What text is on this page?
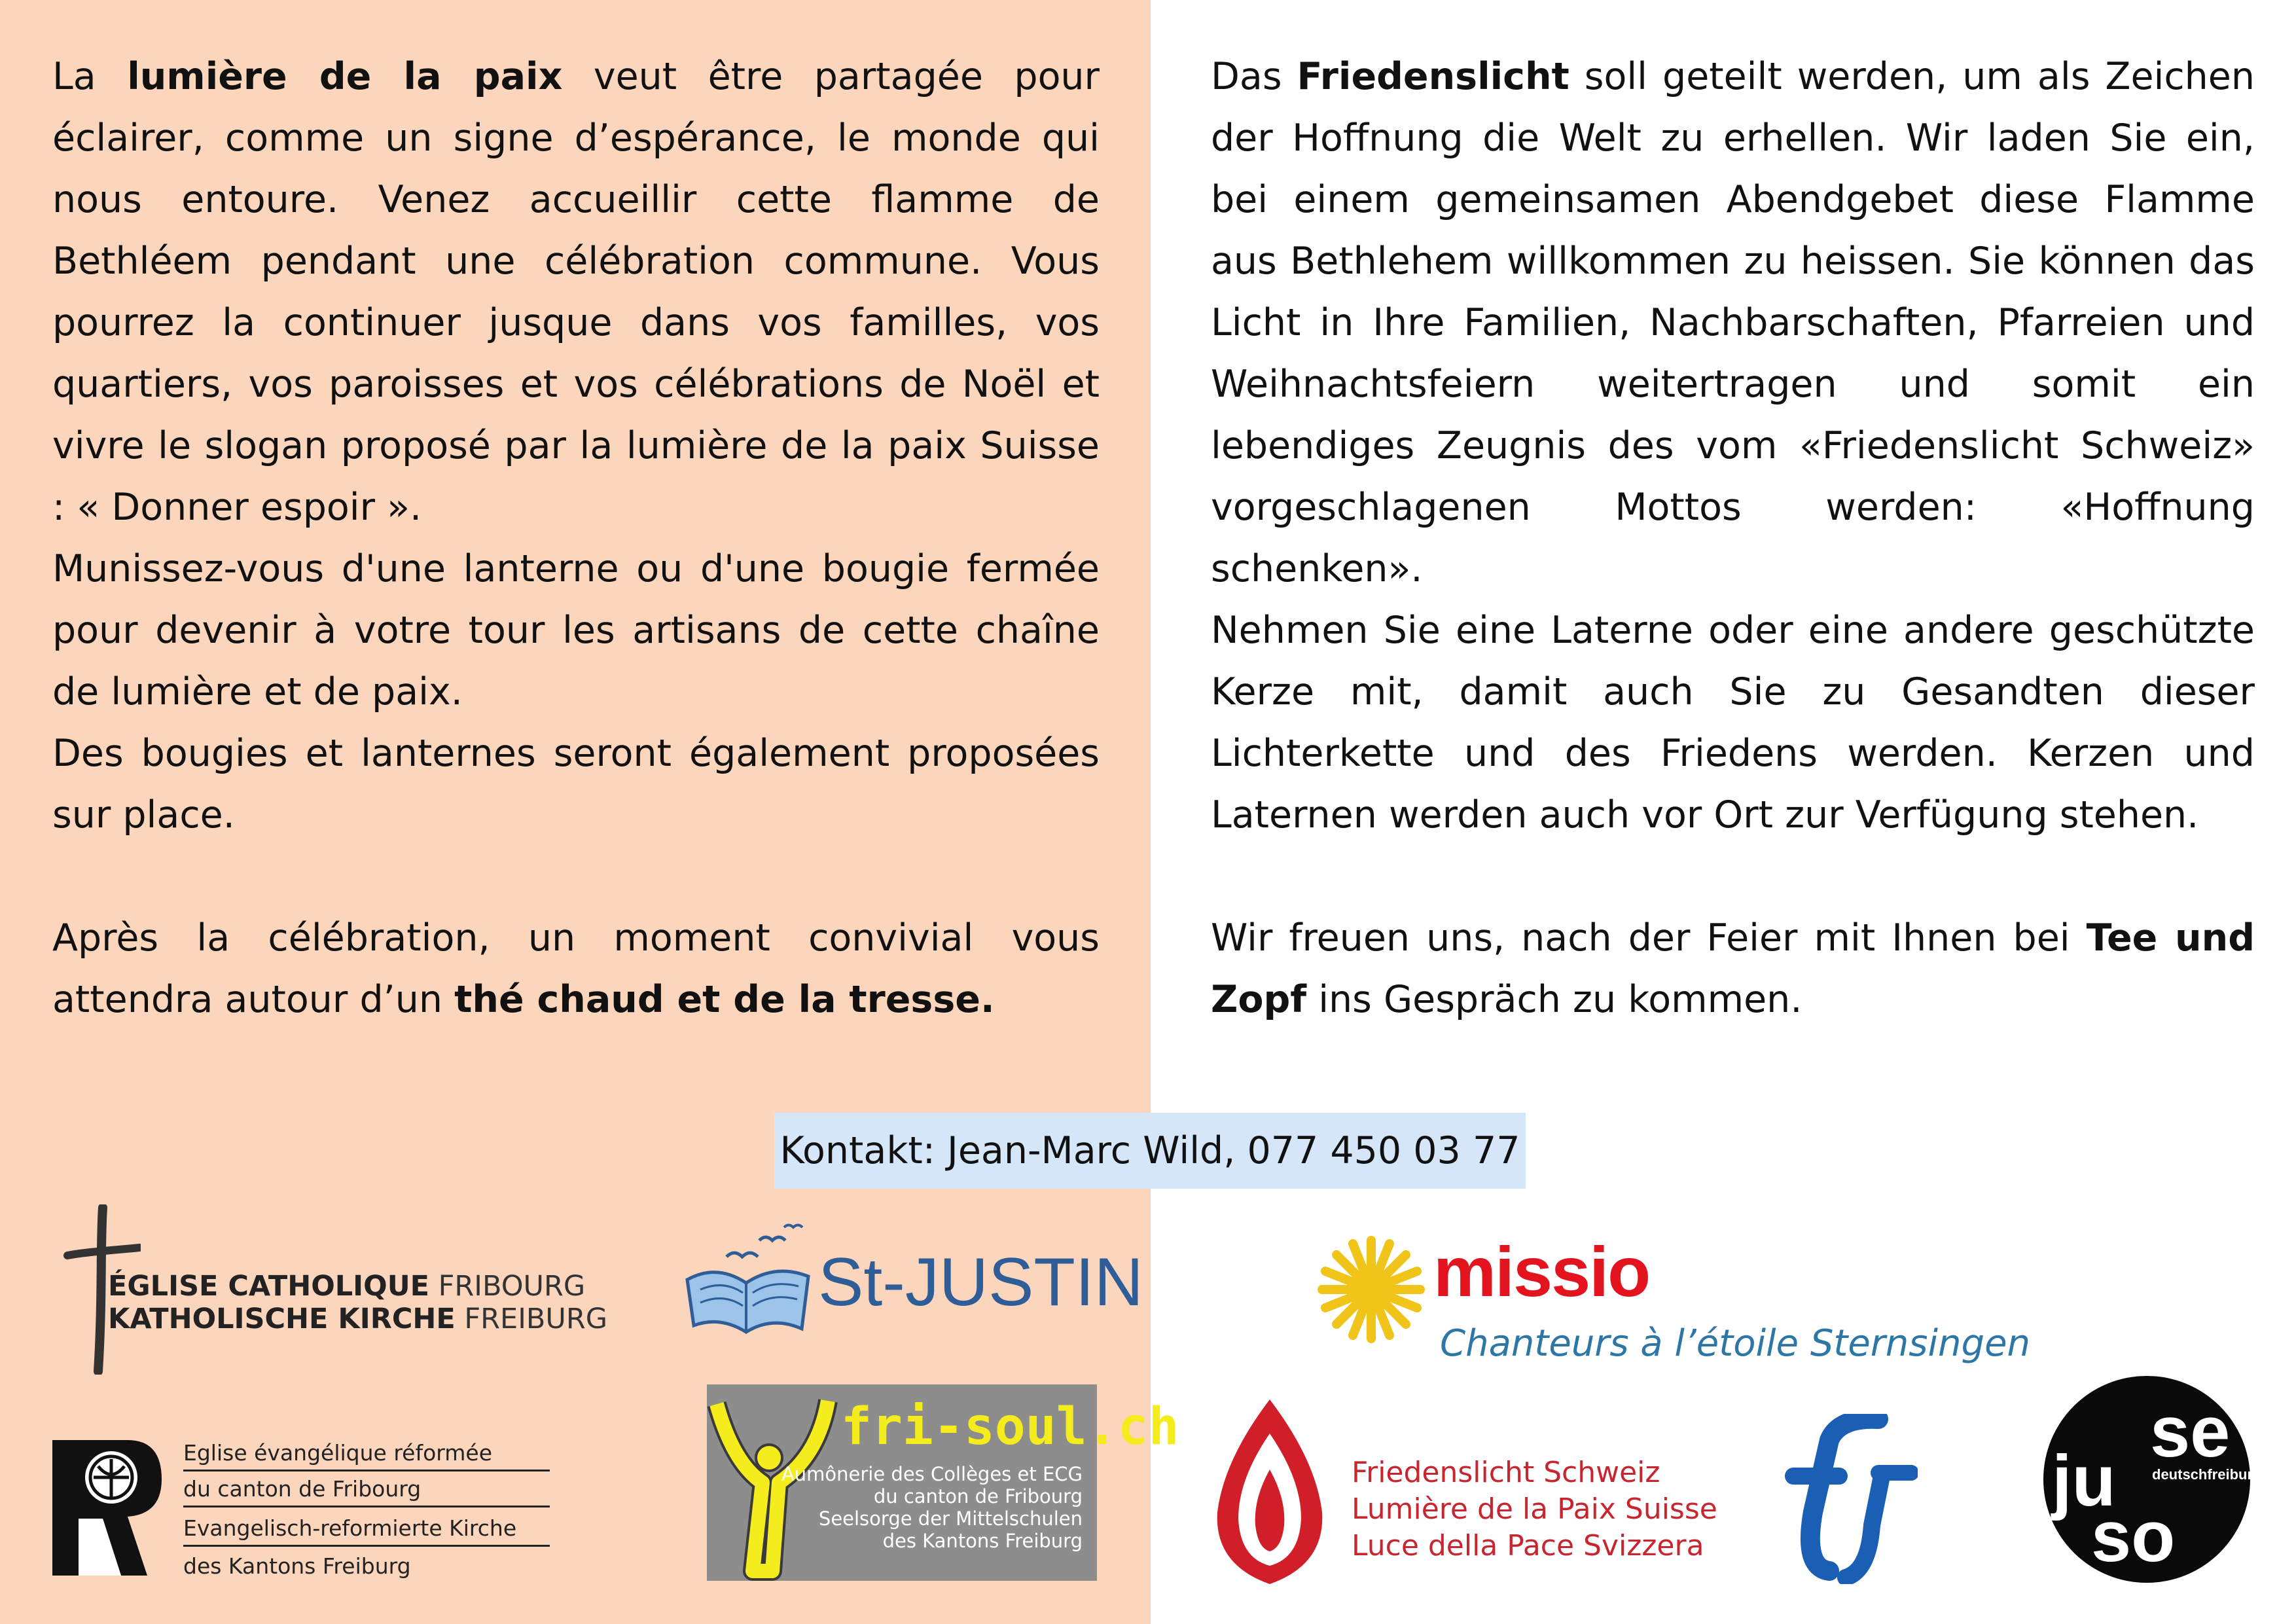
La lumière de la paix veut être partagée pour éclairer, comme un signe d’espérance, le monde qui nous entoure. Venez accueillir cette flamme de Bethléem pendant une célébration commune. Vous pourrez la continuer jusque dans vos familles, vos quartiers, vos paroisses et vos célébrations de Noël et vivre le slogan proposé par la lumière de la paix Suisse : « Donner espoir ».

Munissez-vous d'une lanterne ou d'une bougie fermée pour devenir à votre tour les artisans de cette chaîne de lumière et de paix.

Des bougies et lanternes seront également proposées sur place.

Après la célébration, un moment convivial vous attendra autour d’un thé chaud et de la tresse.

Das Friedenslicht soll geteilt werden, um als Zeichen der Hoffnung die Welt zu erhellen. Wir laden Sie ein, bei einem gemeinsamen Abendgebet diese Flamme aus Bethlehem willkommen zu heissen. Sie können das Licht in Ihre Familien, Nachbarschaften, Pfarreien und Weihnachtsfeiern weitertragen und somit ein lebendiges Zeugnis des vom «Friedenslicht Schweiz» vorgeschlagenen Mottos werden: «Hoffnung schenken».

Nehmen Sie eine Laterne oder eine andere geschützte Kerze mit, damit auch Sie zu Gesandten dieser Lichterkette und des Friedens werden. Kerzen und Laternen werden auch vor Ort zur Verfügung stehen.

Wir freuen uns, nach der Feier mit Ihnen bei Tee und Zopf ins Gespräch zu kommen.

Kontakt: Jean-Marc Wild, 077 450 03 77
ÉGLISE CATHOLIQUE FRIBOURG
KATHOLISCHE KIRCHE FREIBURG	St-JUSTIN	missio
Chanteurs à l’étoile Sternsingen
Eglise évangélique réformée
du canton de Fribourg
Evangelisch-reformierte Kirche
des Kantons Freiburg
fri-soul.ch
Aumônerie des Collèges et ECG
du canton de Fribourg
Seelsorge der Mittelschulen
des Kantons Freiburg
Friedenslicht Schweiz
Lumière de la Paix Suisse
Luce della Pace Svizzera
se
ju	deutschfreiburg
so
